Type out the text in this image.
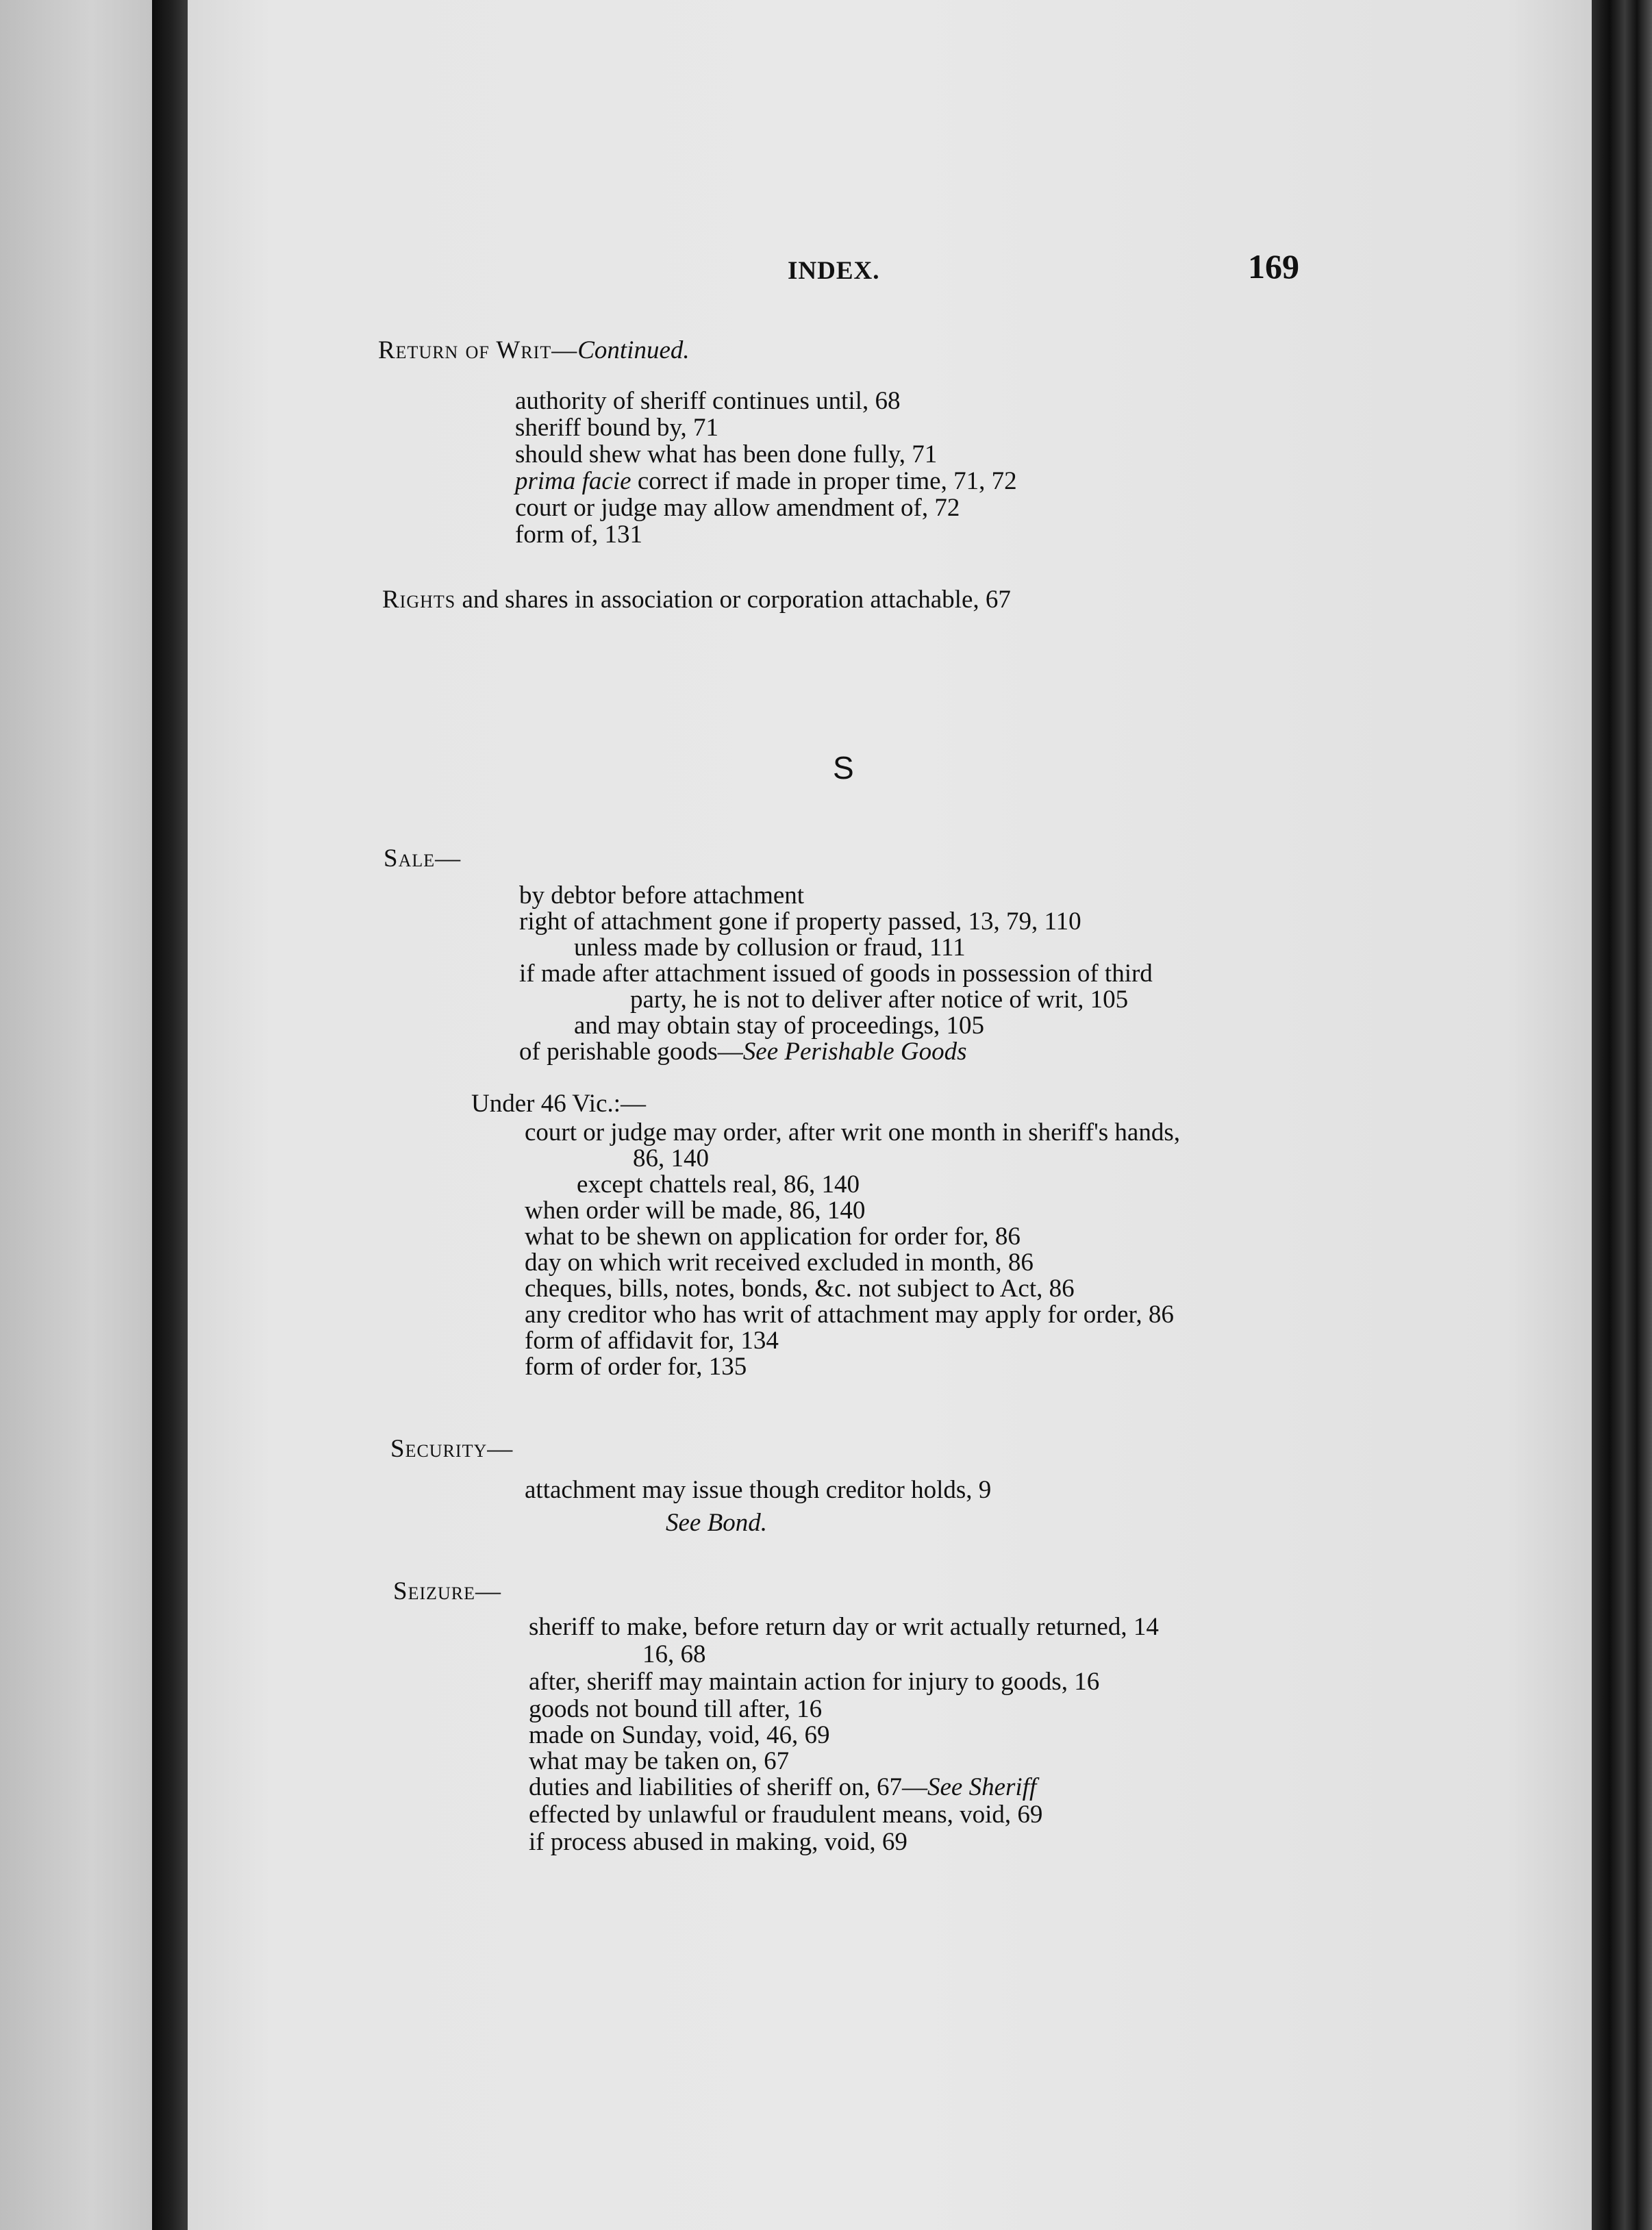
INDEX.	169
Return of Writ—Continued.
authority of sheriff continues until, 68
sheriff bound by, 71
should shew what has been done fully, 71
prima facie correct if made in proper time, 71, 72
court or judge may allow amendment of, 72
form of, 131
Rights and shares in association or corporation attachable, 67
S
Sale—
by debtor before attachment
right of attachment gone if property passed, 13, 79, 110
unless made by collusion or fraud, 111
if made after attachment issued of goods in possession of third
party, he is not to deliver after notice of writ, 105
and may obtain stay of proceedings, 105
of perishable goods—See Perishable Goods
Under 46 Vic.:—
court or judge may order, after writ one month in sheriff's hands,
86, 140
except chattels real, 86, 140
when order will be made, 86, 140
what to be shewn on application for order for, 86
day on which writ received excluded in month, 86
cheques, bills, notes, bonds, &c. not subject to Act, 86
any creditor who has writ of attachment may apply for order, 86
form of affidavit for, 134
form of order for, 135
Security—
attachment may issue though creditor holds, 9
See Bond.
Seizure—
sheriff to make, before return day or writ actually returned, 14
16, 68
after, sheriff may maintain action for injury to goods, 16
goods not bound till after, 16
made on Sunday, void, 46, 69
what may be taken on, 67
duties and liabilities of sheriff on, 67—See Sheriff
effected by unlawful or fraudulent means, void, 69
if process abused in making, void, 69
